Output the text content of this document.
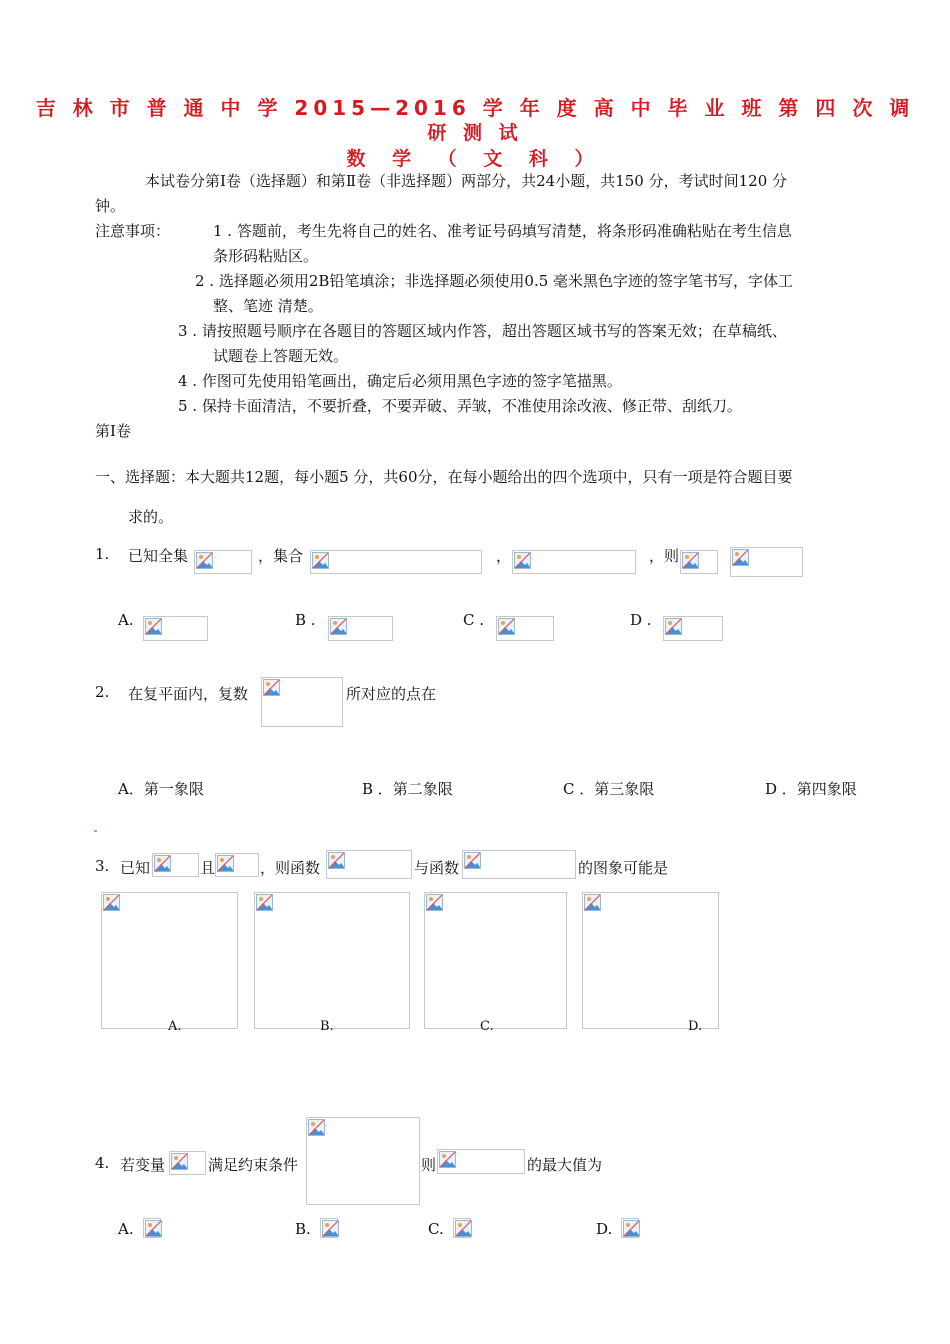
吉 林 市 普 通 中 学 2015—2016 学 年 度 高 中 毕 业 班 第 四 次 调
研 测 试
数 学 （ 文 科 ）
本试卷分第Ⅰ卷（选择题）和第Ⅱ卷（非选择题）两部分，共24小题，共150 分，考试时间120 分
钟。
注意事项：	1 . 答题前，考生先将自己的姓名、准考证号码填写清楚，将条形码准确粘贴在考生信息
条形码粘贴区。
2 . 选择题必须用2B铅笔填涂；非选择题必须使用0.5 毫米黑色字迹的签字笔书写，字体工
整、笔迹 清楚。
3 . 请按照题号顺序在各题目的答题区域内作答，超出答题区域书写的答案无效；在草稿纸、
试题卷上答题无效。
4 . 作图可先使用铅笔画出，确定后必须用黑色字迹的签字笔描黑。
5 . 保持卡面清洁，不要折叠，不要弄破、弄皱，不准使用涂改液、修正带、刮纸刀。
第Ⅰ卷
一、选择题：本大题共12题，每小题5 分，共60分，在每小题给出的四个选项中，只有一项是符合题目要
求的。
1. 已知全集	，集合	，	，则
A.	B .	C .	D .
2. 在复平面内，复数	所对应的点在
A．第一象限	B ．第二象限	C ．第三象限	D ．第四象限
3. 已知	且	，则函数	与函数	的图象可能是
A.	B.	C.	D.
4. 若变量	满足约束条件	则	的最大值为
A.	B.	C.	D.
